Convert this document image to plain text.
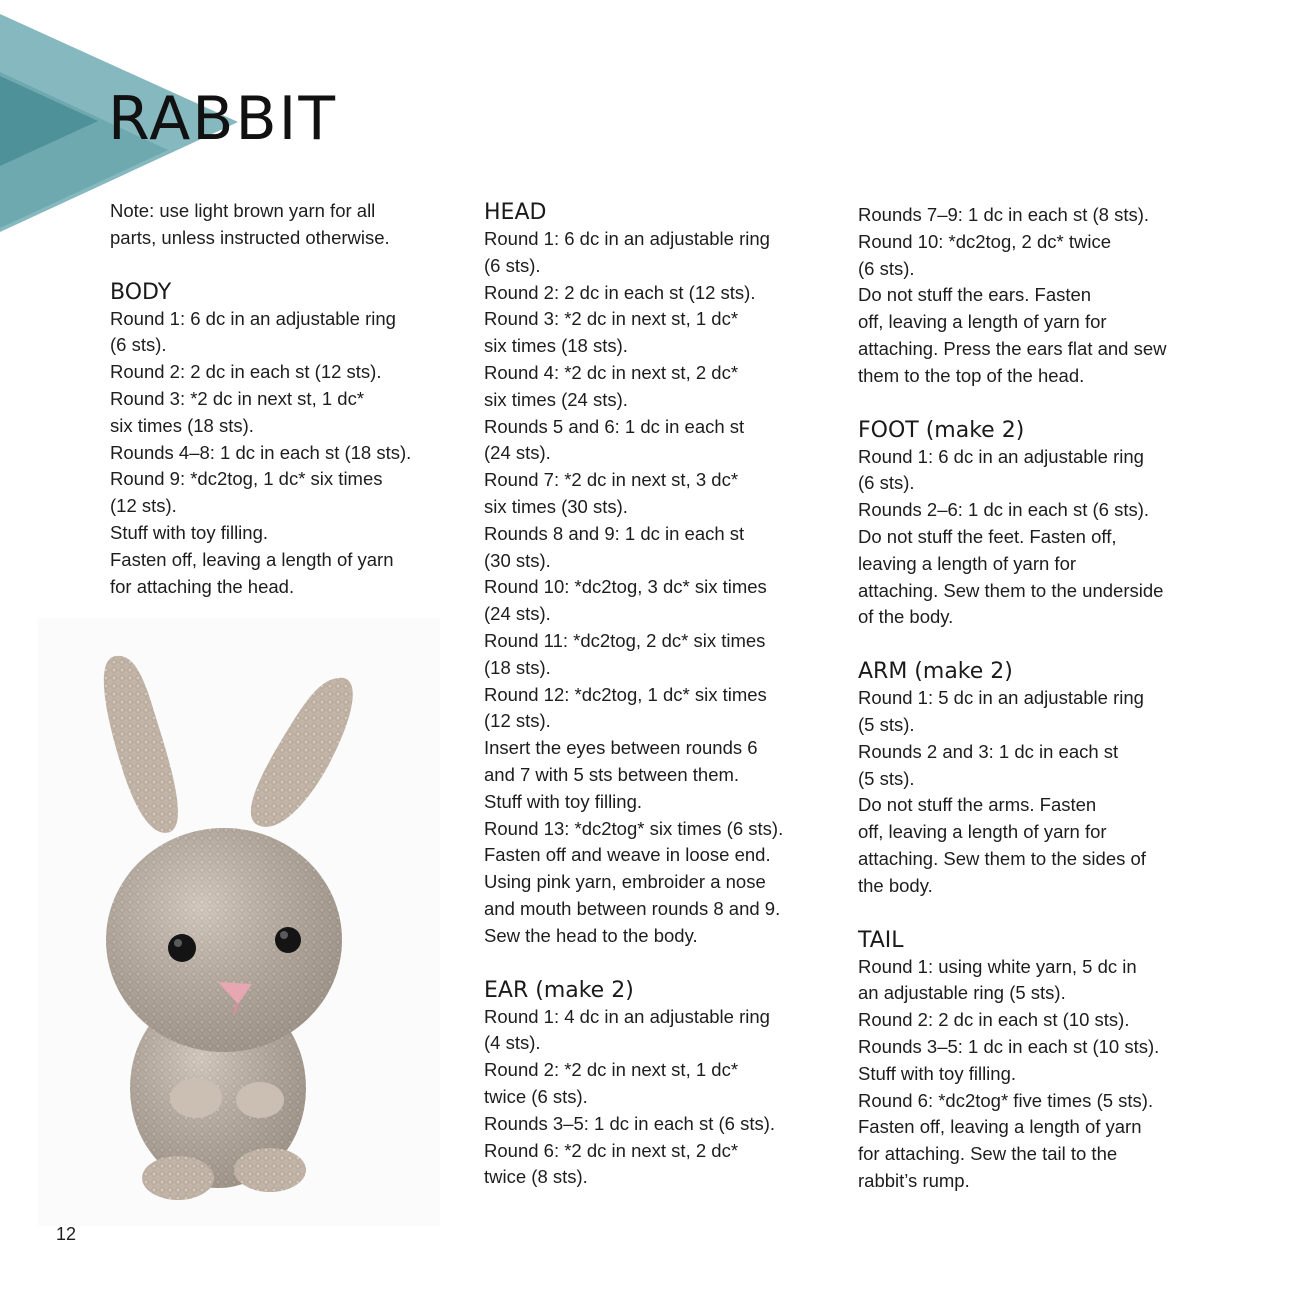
RABBIT
Note: use light brown yarn for all
parts, unless instructed otherwise.
BODY
Round 1: 6 dc in an adjustable ring
(6 sts).
Round 2: 2 dc in each st (12 sts).
Round 3: *2 dc in next st, 1 dc*
six times (18 sts).
Rounds 4–8: 1 dc in each st (18 sts).
Round 9: *dc2tog, 1 dc* six times
(12 sts).
Stuff with toy filling.
Fasten off, leaving a length of yarn
for attaching the head.
HEAD
Round 1: 6 dc in an adjustable ring
(6 sts).
Round 2: 2 dc in each st (12 sts).
Round 3: *2 dc in next st, 1 dc*
six times (18 sts).
Round 4: *2 dc in next st, 2 dc*
six times (24 sts).
Rounds 5 and 6: 1 dc in each st
(24 sts).
Round 7: *2 dc in next st, 3 dc*
six times (30 sts).
Rounds 8 and 9: 1 dc in each st
(30 sts).
Round 10: *dc2tog, 3 dc* six times
(24 sts).
Round 11: *dc2tog, 2 dc* six times
(18 sts).
Round 12: *dc2tog, 1 dc* six times
(12 sts).
Insert the eyes between rounds 6
and 7 with 5 sts between them.
Stuff with toy filling.
Round 13: *dc2tog* six times (6 sts).
Fasten off and weave in loose end.
Using pink yarn, embroider a nose
and mouth between rounds 8 and 9.
Sew the head to the body.
EAR (make 2)
Round 1: 4 dc in an adjustable ring
(4 sts).
Round 2: *2 dc in next st, 1 dc*
twice (6 sts).
Rounds 3–5: 1 dc in each st (6 sts).
Round 6: *2 dc in next st, 2 dc*
twice (8 sts).
Rounds 7–9: 1 dc in each st (8 sts).
Round 10: *dc2tog, 2 dc* twice
(6 sts).
Do not stuff the ears. Fasten
off, leaving a length of yarn for
attaching. Press the ears flat and sew
them to the top of the head.
FOOT (make 2)
Round 1: 6 dc in an adjustable ring
(6 sts).
Rounds 2–6: 1 dc in each st (6 sts).
Do not stuff the feet. Fasten off,
leaving a length of yarn for
attaching. Sew them to the underside
of the body.
ARM (make 2)
Round 1: 5 dc in an adjustable ring
(5 sts).
Rounds 2 and 3: 1 dc in each st
(5 sts).
Do not stuff the arms. Fasten
off, leaving a length of yarn for
attaching. Sew them to the sides of
the body.
TAIL
Round 1: using white yarn, 5 dc in
an adjustable ring (5 sts).
Round 2: 2 dc in each st (10 sts).
Rounds 3–5: 1 dc in each st (10 sts).
Stuff with toy filling.
Round 6: *dc2tog* five times (5 sts).
Fasten off, leaving a length of yarn
for attaching. Sew the tail to the
rabbit’s rump.
12
